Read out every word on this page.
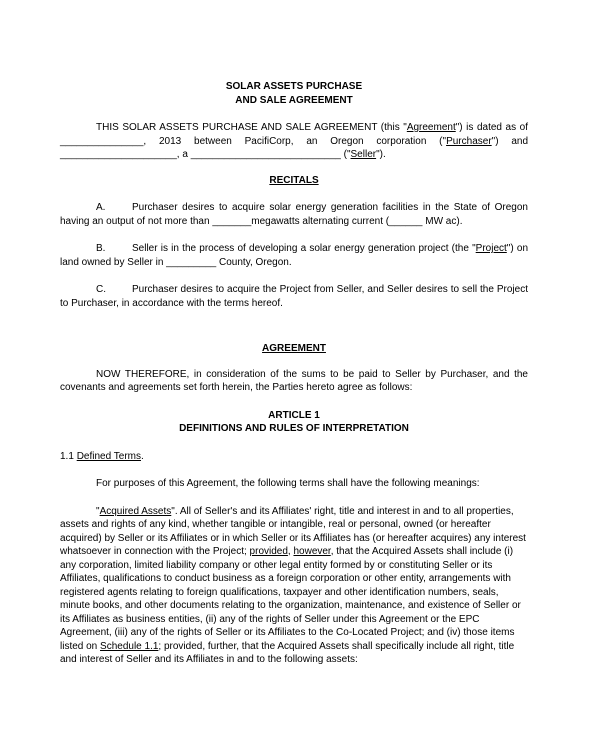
SOLAR ASSETS PURCHASE
AND SALE AGREEMENT

THIS SOLAR ASSETS PURCHASE AND SALE AGREEMENT (this "Agreement") is dated as of _______________, 2013 between PacifiCorp, an Oregon corporation ("Purchaser") and _____________________, a ___________________________ ("Seller").

RECITALS

A.	Purchaser desires to acquire solar energy generation facilities in the State of Oregon having an output of not more than _______megawatts alternating current (______ MW ac).

B.	Seller is in the process of developing a solar energy generation project (the "Project") on land owned by Seller in _________ County, Oregon.

C.	Purchaser desires to acquire the Project from Seller, and Seller desires to sell the Project to Purchaser, in accordance with the terms hereof.

AGREEMENT

NOW THEREFORE, in consideration of the sums to be paid to Seller by Purchaser, and the covenants and agreements set forth herein, the Parties hereto agree as follows:

ARTICLE 1
DEFINITIONS AND RULES OF INTERPRETATION

1.1 Defined Terms.

For purposes of this Agreement, the following terms shall have the following meanings:

"Acquired Assets". All of Seller's and its Affiliates' right, title and interest in and to all properties,

assets and rights of any kind, whether tangible or intangible, real or personal, owned (or hereafter acquired) by Seller or its Affiliates or in which Seller or its Affiliates has (or hereafter acquires) any interest whatsoever in connection with the Project; provided, however, that the Acquired Assets shall include (i) any corporation, limited liability company or other legal entity formed by or constituting Seller or its Affiliates, qualifications to conduct business as a foreign corporation or other entity, arrangements with registered agents relating to foreign qualifications, taxpayer and other identification numbers, seals, minute books, and other documents relating to the organization, maintenance, and existence of Seller or its Affiliates as business entities, (ii) any of the rights of Seller under this Agreement or the EPC Agreement, (iii) any of the rights of Seller or its Affiliates to the Co-Located Project; and (iv) those items listed on Schedule 1.1; provided, further, that the Acquired Assets shall specifically include all right, title and interest of Seller and its Affiliates in and to the following assets:
